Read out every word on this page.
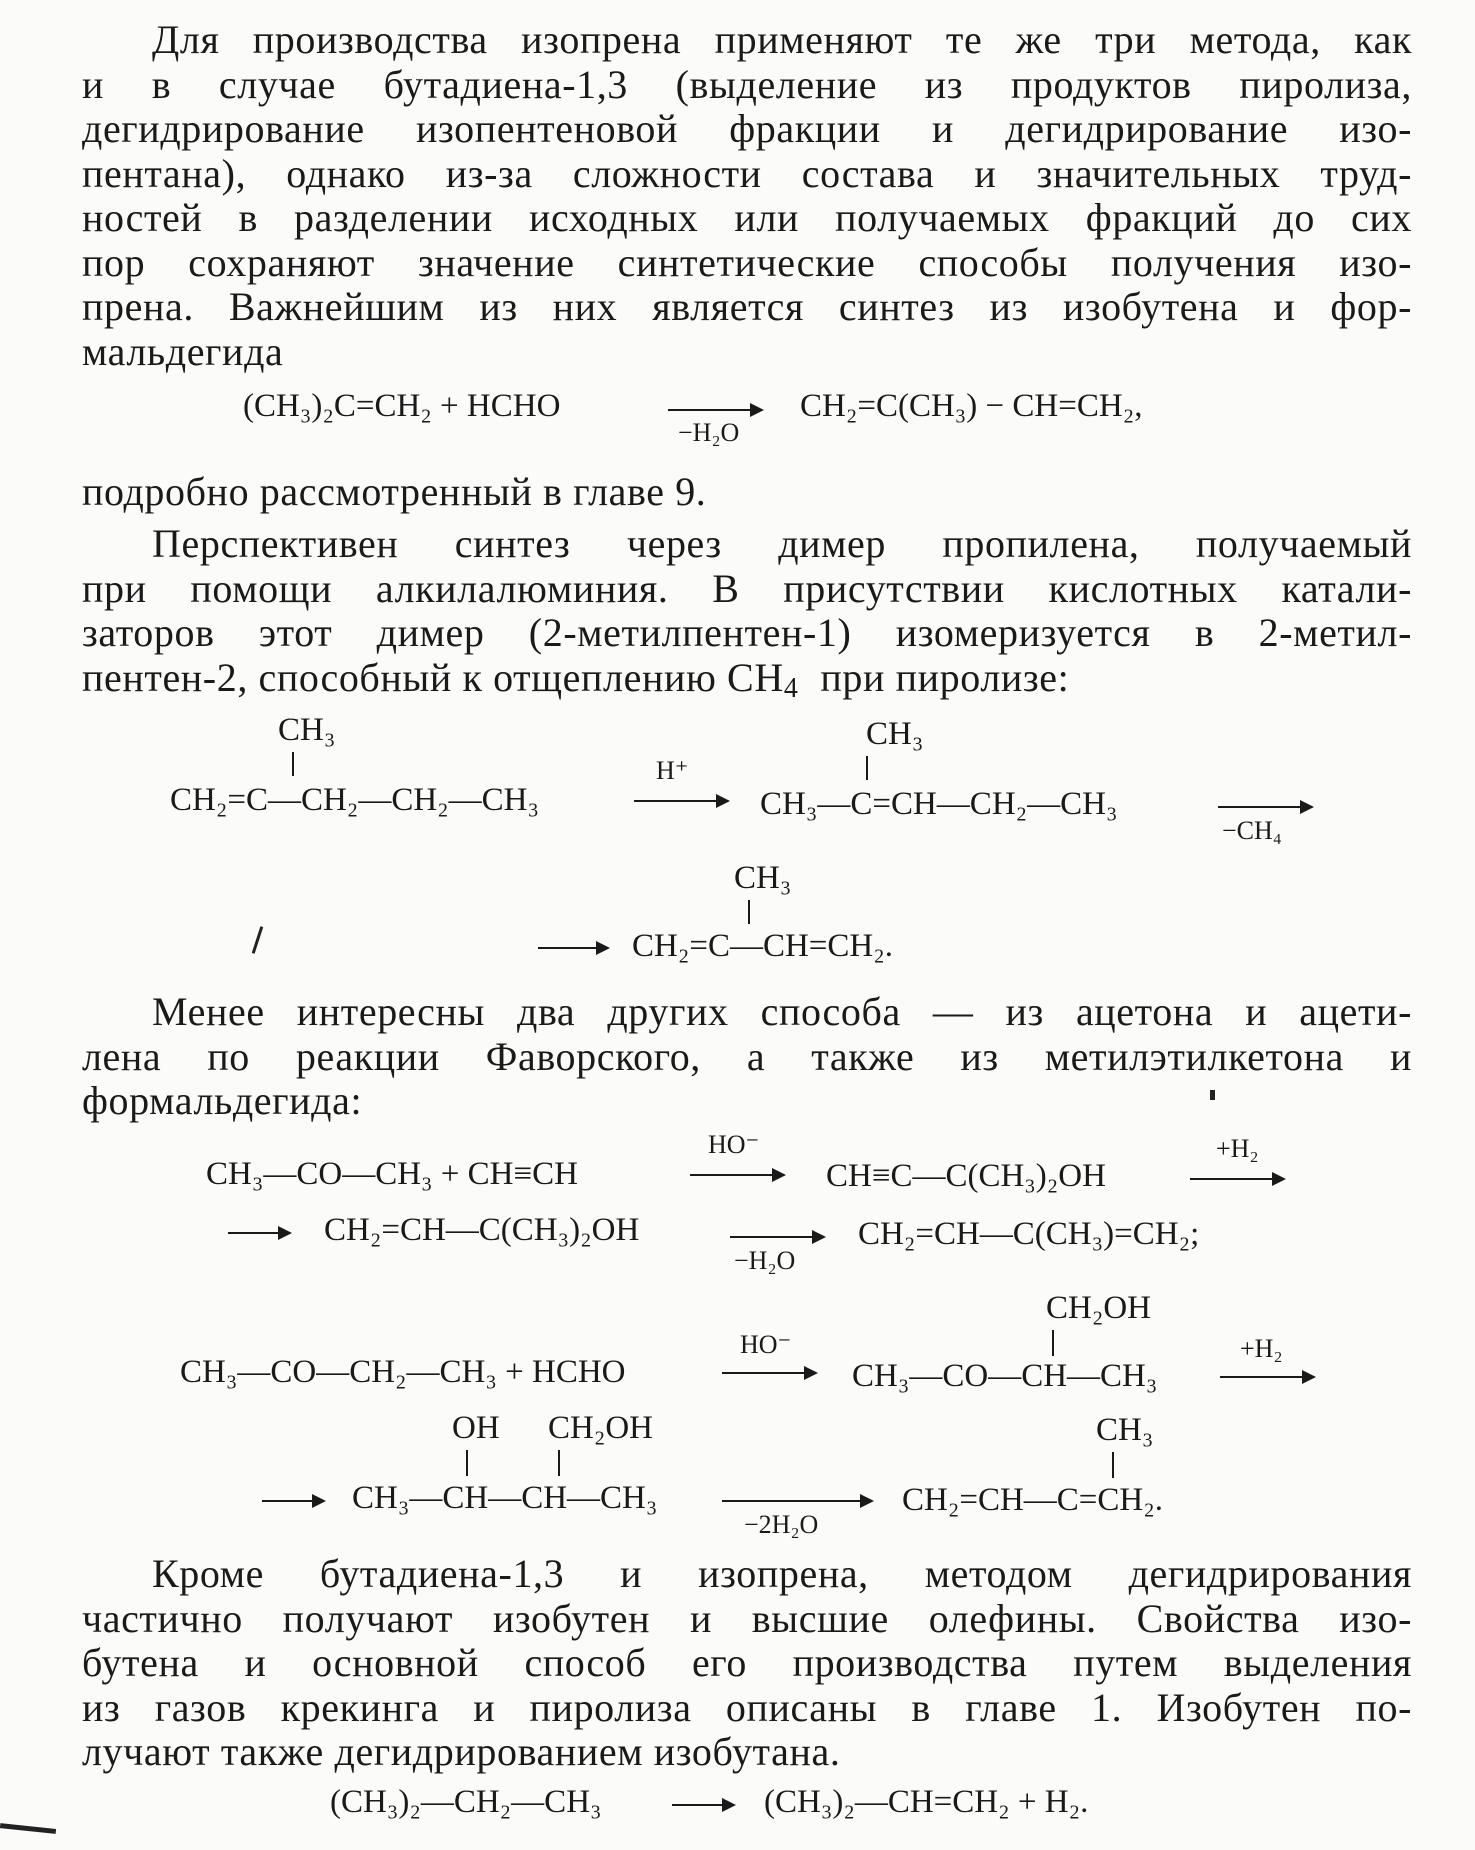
Для производства изопрена применяют те же три метода, как
и в случае бутадиена-1,3 (выделение из продуктов пиролиза,
дегидрирование изопентеновой фракции и дегидрирование изо-
пентана), однако из-за сложности состава и значительных труд-
ностей в разделении исходных или получаемых фракций до сих
пор сохраняют значение синтетические способы получения изо-
прена. Важнейшим из них является синтез из изобутена и фор-
мальдегида
(CH₃)₂C=CH₂ + HCHO
−H₂O
CH₂=C(CH₃) − CH=CH₂,
подробно рассмотренный в главе 9.
Перспективен синтез через димер пропилена, получаемый
при помощи алкилалюминия. В присутствии кислотных катали-
заторов этот димер (2-метилпентен-1) изомеризуется в 2-метил-
пентен-2, способный к отщеплению $СН_4$ при пиролизе:
CH₃
CH₂=C—CH₂—CH₂—CH₃
H⁺
CH₃
CH₃—C=CH—CH₂—CH₃
−CH₄
CH₃
CH₂=C—CH=CH₂.
Менее интересны два других способа — из ацетона и ацети-
лена по реакции Фаворского, а также из метилэтилкетона и
формальдегида:
CH₃—CO—CH₃ + CH≡CH
HO⁻
CH≡C—C(CH₃)₂OH
+H₂
CH₂=CH—C(CH₃)₂OH
−H₂O
CH₂=CH—C(CH₃)=CH₂;
CH₂OH
CH₃—CO—CH₂—CH₃ + HCHO
HO⁻
CH₃—CO—CH—CH₃
+H₂
OH CH₂OH
CH₃—CH—CH—CH₃
−2H₂O
CH₃
CH₂=CH—C=CH₂.
Кроме бутадиена-1,3 и изопрена, методом дегидрирования
частично получают изобутен и высшие олефины. Свойства изо-
бутена и основной способ его производства путем выделения
из газов крекинга и пиролиза описаны в главе 1. Изобутен по-
лучают также дегидрированием изобутана.
(CH₃)₂—CH₂—CH₃	(CH₃)₂—CH=CH₂ + H₂.
